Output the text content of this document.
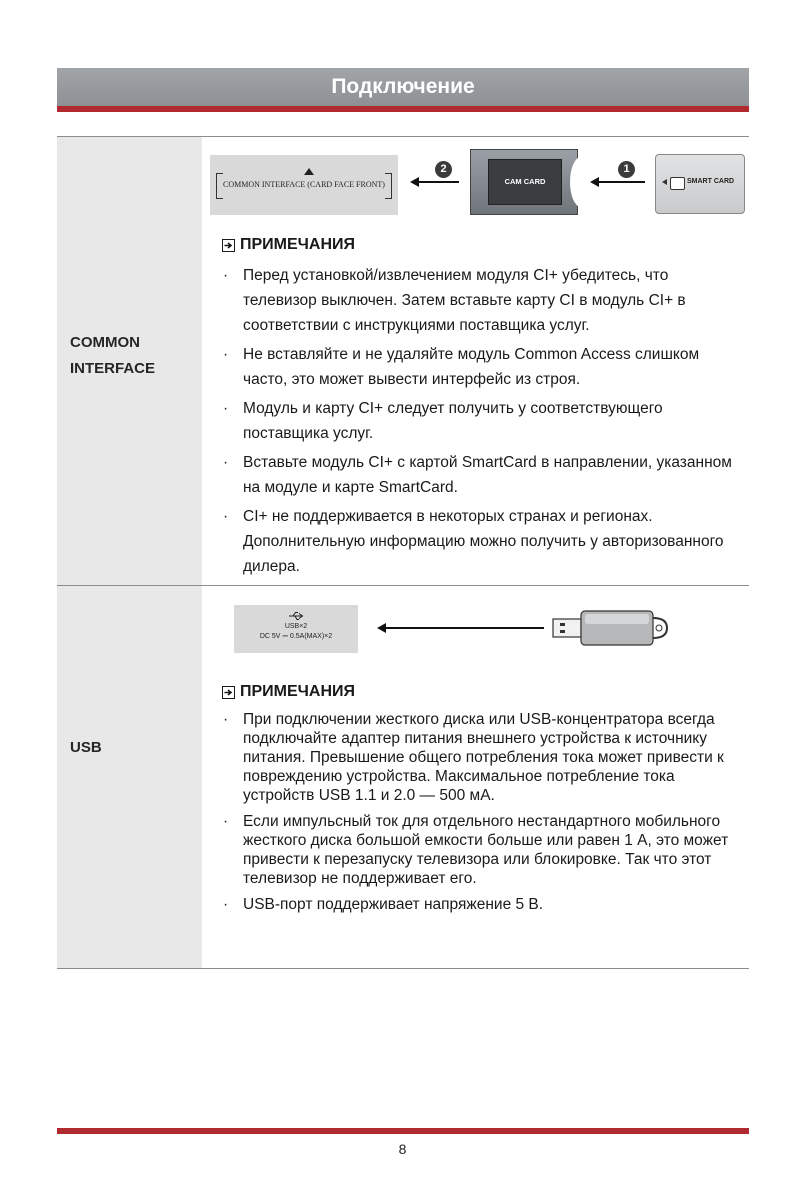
Подключение
COMMON
INTERFACE
COMMON INTERFACE (CARD FACE FRONT)
2
CAM CARD
1
SMART CARD
ПРИМЕЧАНИЯ
· Перед установкой/извлечением модуля CI+ убедитесь, что телевизор выключен. Затем вставьте карту CI в модуль CI+ в соответствии с инструкциями поставщика услуг.
· Не вставляйте и не удаляйте модуль Common Access слишком часто, это может вывести интерфейс из строя.
· Модуль и карту CI+ следует получить у соответствующего поставщика услуг.
· Вставьте модуль CI+ с картой SmartCard в направлении, указанном на модуле и карте SmartCard.
· CI+ не поддерживается в некоторых странах и регионах. Дополнительную информацию можно получить у авторизованного дилера.
USB
USB×2
DC 5V ⎓ 0.5A(MAX)×2
ПРИМЕЧАНИЯ
· При подключении жесткого диска или USB-концентратора всегда подключайте адаптер питания внешнего устройства к источнику питания. Превышение общего потребления тока может привести к повреждению устройства. Максимальное потребление тока устройств USB 1.1 и 2.0 — 500 мА.
· Если импульсный ток для отдельного нестандартного мобильного жесткого диска большой емкости больше или равен 1 А, это может привести к перезапуску телевизора или блокировке. Так что этот телевизор не поддерживает его.
· USB-порт поддерживает напряжение 5 В.
8
